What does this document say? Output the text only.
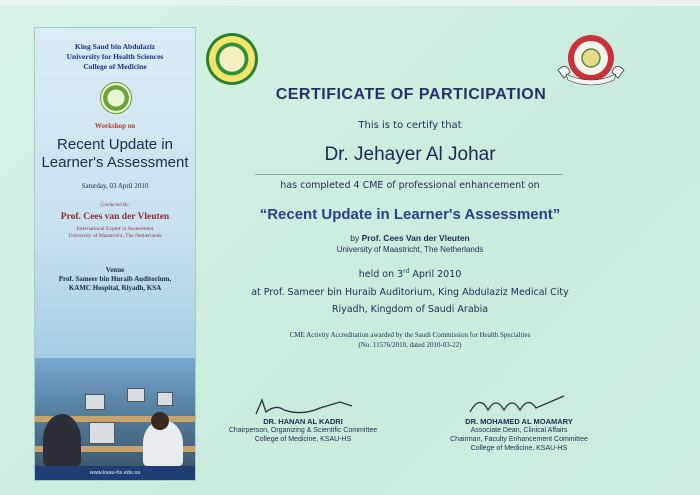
King Saud bin Abdulaziz University for Health Sciences
College of Medicine
Workshop on
Recent Update in
Learner's Assessment
Saturday, 03 April 2010
Conducted By:
Prof. Cees van der Vleuten
International Expert in Assessment
University of Maastricht, The Netherlands
Venue
Prof. Sameer bin Huraib Auditorium,
KAMC Hospital, Riyadh, KSA
www.ksau-hs.edu.sa
CERTIFICATE OF PARTICIPATION
This is to certify that
Dr. Jehayer Al Johar
has completed 4 CME of professional enhancement on
“Recent Update in Learner's Assessment”
by Prof. Cees Van der Vleuten
University of Maastricht, The Netherlands
held on 3rd April 2010
at Prof. Sameer bin Huraib Auditorium, King Abdulaziz Medical City
Riyadh, Kingdom of Saudi Arabia
CME Activity Accreditation awarded by the Saudi Commission for Health Specialties
(No. 11576/2010, dated 2010-03-22)
DR. HANAN AL KADRI
Chairperson, Organizing & Scientific Committee
College of Medicine, KSAU-HS
DR. MOHAMED AL MOAMARY
Associate Dean, Clinical Affairs
Chairman, Faculty Enhancement Committee
College of Medicine, KSAU-HS
